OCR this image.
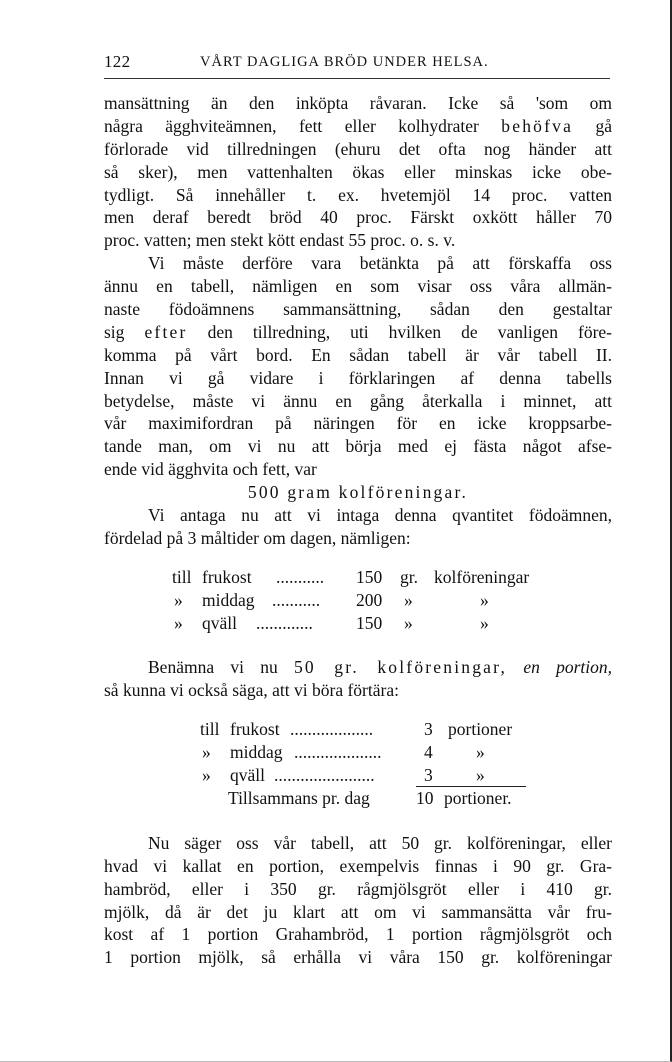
122	VÅRT DAGLIGA BRÖD UNDER HELSA.
mansättning än den inköpta råvaran. Icke så 'som om
några ägghviteämnen, fett eller kolhydrater behöfva gå
förlorade vid tillredningen (ehuru det ofta nog händer att
så sker), men vattenhalten ökas eller minskas icke obe-
tydligt. Så innehåller t. ex. hvetemjöl 14 proc. vatten
men deraf beredt bröd 40 proc. Färskt oxkött håller 70
proc. vatten; men stekt kött endast 55 proc. o. s. v.
Vi måste derföre vara betänkta på att förskaffa oss
ännu en tabell, nämligen en som visar oss våra allmän-
naste födoämnens sammansättning, sådan den gestaltar
sig efter den tillredning, uti hvilken de vanligen före-
komma på vårt bord. En sådan tabell är vår tabell II.
Innan vi gå vidare i förklaringen af denna tabells
betydelse, måste vi ännu en gång återkalla i minnet, att
vår maximifordran på näringen för en icke kroppsarbe-
tande man, om vi nu att börja med ej fästa något afse-
ende vid ägghvita och fett, var
500 gram kolföreningar.
Vi antaga nu att vi intaga denna qvantitet födoämnen,
fördelad på 3 måltider om dagen, nämligen:
till frukost ........... 150 gr. kolföreningar
» middag ........... 200 »	»
» qväll ............. 150 »	»
Benämna vi nu 50 gr. kolföreningar, en portion,
så kunna vi också säga, att vi böra förtära:
till frukost ...................	3 portioner
» middag .................... 4 »
» qväll .......................	3 »
Tillsammans pr. dag	10 portioner.
Nu säger oss vår tabell, att 50 gr. kolföreningar, eller
hvad vi kallat en portion, exempelvis finnas i 90 gr. Gra-
hambröd, eller i 350 gr. rågmjölsgröt eller i 410 gr.
mjölk, då är det ju klart att om vi sammansätta vår fru-
kost af 1 portion Grahambröd, 1 portion rågmjölsgröt och
1 portion mjölk, så erhålla vi våra 150 gr. kolföreningar
